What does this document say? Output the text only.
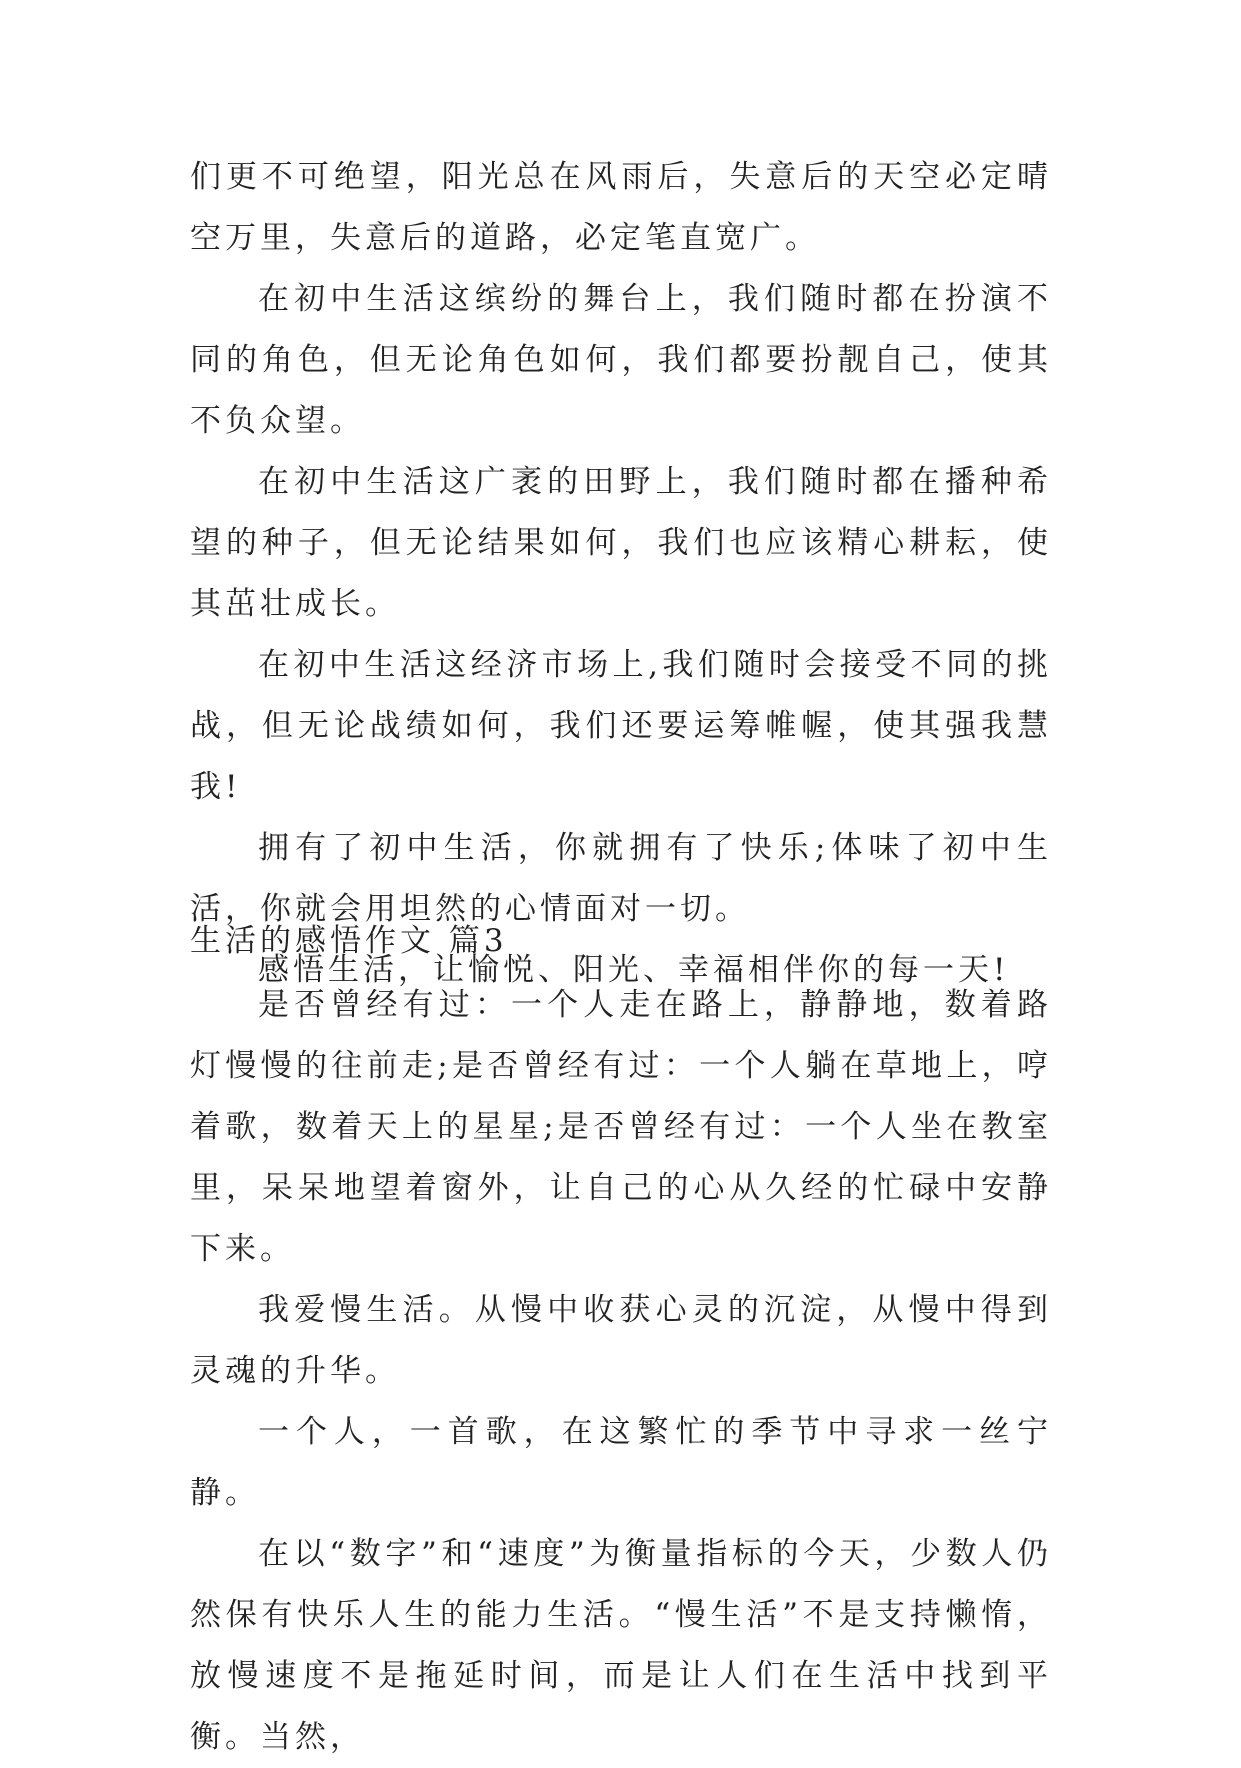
们更不可绝望，阳光总在风雨后，失意后的天空必定晴空万里，失意后的道路，必定笔直宽广。

在初中生活这缤纷的舞台上，我们随时都在扮演不同的角色，但无论角色如何，我们都要扮靓自己，使其不负众望。

在初中生活这广袤的田野上，我们随时都在播种希望的种子，但无论结果如何，我们也应该精心耕耘，使其茁壮成长。

在初中生活这经济市场上,我们随时会接受不同的挑战，但无论战绩如何，我们还要运筹帷幄，使其强我慧我!

拥有了初中生活，你就拥有了快乐;体味了初中生活，你就会用坦然的心情面对一切。

感悟生活，让愉悦、阳光、幸福相伴你的每一天!

生活的感悟作文 篇3

是否曾经有过：一个人走在路上，静静地，数着路灯慢慢的往前走;是否曾经有过：一个人躺在草地上，哼着歌，数着天上的星星;是否曾经有过：一个人坐在教室里，呆呆地望着窗外，让自己的心从久经的忙碌中安静下来。

我爱慢生活。从慢中收获心灵的沉淀，从慢中得到灵魂的升华。

一个人，一首歌，在这繁忙的季节中寻求一丝宁静。

在以“数字”和“速度”为衡量指标的今天，少数人仍然保有快乐人生的能力生活。“慢生活”不是支持懒惰，放慢速度不是拖延时间，而是让人们在生活中找到平衡。当然，
